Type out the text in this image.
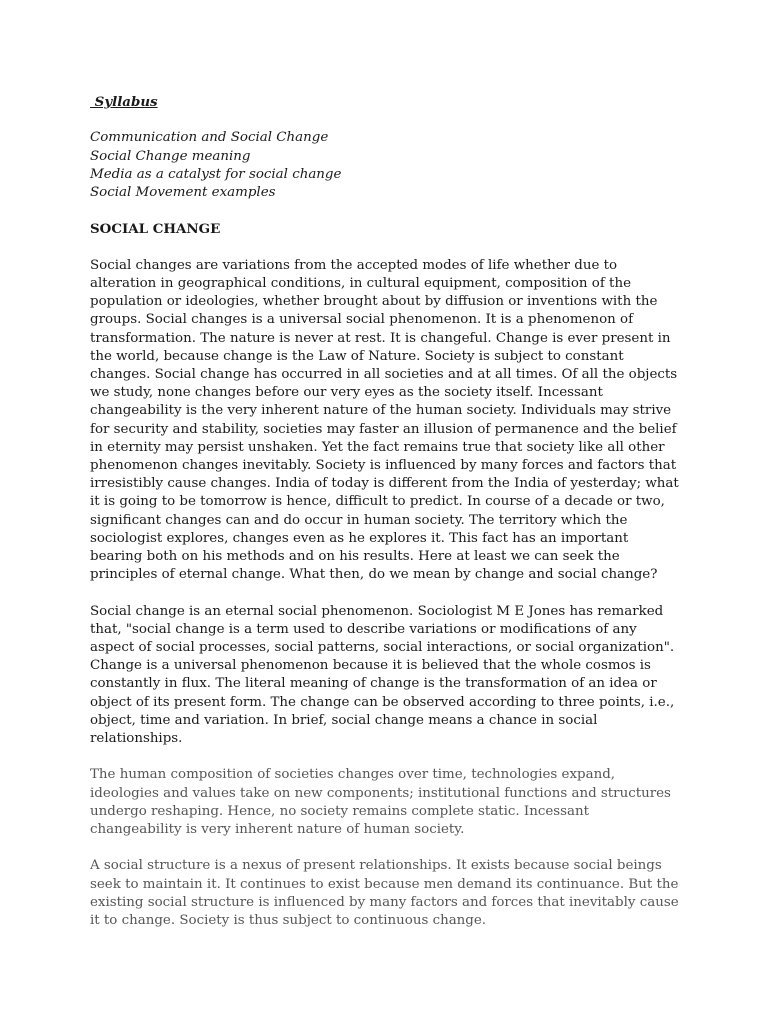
Syllabus
Communication and Social Change
Social Change meaning
Media as a catalyst for social change
Social Movement examples
SOCIAL CHANGE

Social changes are variations from the accepted modes of life whether due to alteration in geographical conditions, in cultural equipment, composition of the population or ideologies, whether brought about by diffusion or inventions with the groups. Social changes is a universal social phenomenon. It is a phenomenon of transformation. The nature is never at rest. It is changeful. Change is ever present in the world, because change is the Law of Nature. Society is subject to constant changes. Social change has occurred in all societies and at all times. Of all the objects we study, none changes before our very eyes as the society itself. Incessant changeability is the very inherent nature of the human society. Individuals may strive for security and stability, societies may faster an illusion of permanence and the belief in eternity may persist unshaken. Yet the fact remains true that society like all other phenomenon changes inevitably. Society is influenced by many forces and factors that irresistibly cause changes. India of today is different from the India of yesterday; what it is going to be tomorrow is hence, difficult to predict. In course of a decade or two, significant changes can and do occur in human society. The territory which the sociologist explores, changes even as he explores it. This fact has an important bearing both on his methods and on his results. Here at least we can seek the principles of eternal change. What then, do we mean by change and social change?

Social change is an eternal social phenomenon. Sociologist M E Jones has remarked that, "social change is a term used to describe variations or modifications of any aspect of social processes, social patterns, social interactions, or social organization". Change is a universal phenomenon because it is believed that the whole cosmos is constantly in flux. The literal meaning of change is the transformation of an idea or object of its present form. The change can be observed according to three points, i.e., object, time and variation. In brief, social change means a chance in social relationships.

The human composition of societies changes over time, technologies expand, ideologies and values take on new components; institutional functions and structures undergo reshaping. Hence, no society remains complete static. Incessant changeability is very inherent nature of human society.

A social structure is a nexus of present relationships. It exists because social beings seek to maintain it. It continues to exist because men demand its continuance. But the existing social structure is influenced by many factors and forces that inevitably cause it to change. Society is thus subject to continuous change.
